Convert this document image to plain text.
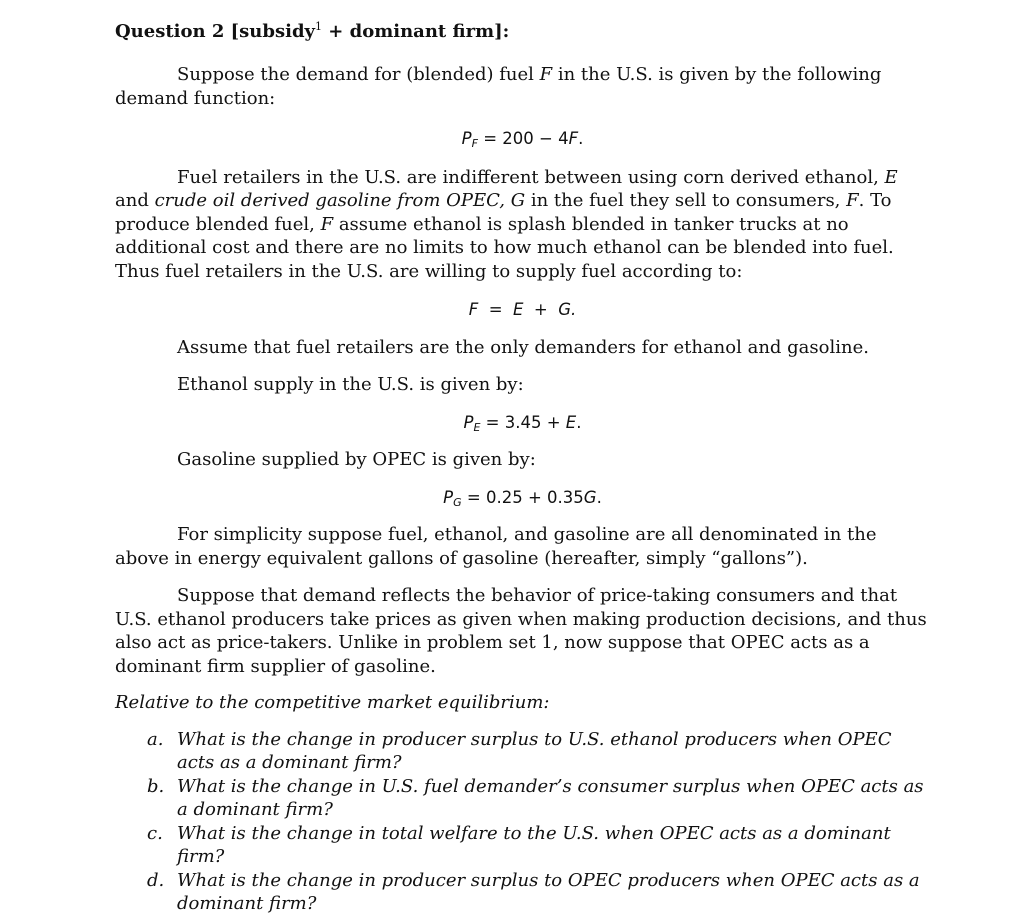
Question 2 [subsidy$^1$ + dominant firm]:

Suppose the demand for (blended) fuel F in the U.S. is given by the following demand function:

$P_F = 200 - 4F$.

Fuel retailers in the U.S. are indifferent between using corn derived ethanol, E and crude oil derived gasoline from OPEC, G in the fuel they sell to consumers, F. To produce blended fuel, F assume ethanol is splash blended in tanker trucks at no additional cost and there are no limits to how much ethanol can be blended into fuel. Thus fuel retailers in the U.S. are willing to supply fuel according to:

F  =  E  +  G.

Assume that fuel retailers are the only demanders for ethanol and gasoline.

Ethanol supply in the U.S. is given by:

$P_E = 3.45 + E$.

Gasoline supplied by OPEC is given by:

$P_G = 0.25 + 0.35G$.

For simplicity suppose fuel, ethanol, and gasoline are all denominated in the above in energy equivalent gallons of gasoline (hereafter, simply “gallons”).

Suppose that demand reflects the behavior of price-taking consumers and that U.S. ethanol producers take prices as given when making production decisions, and thus also act as price-takers. Unlike in problem set 1, now suppose that OPEC acts as a dominant firm supplier of gasoline.

Relative to the competitive market equilibrium:

a. What is the change in producer surplus to U.S. ethanol producers when OPEC acts as a dominant firm?
b. What is the change in U.S. fuel demander’s consumer surplus when OPEC acts as a dominant firm?
c. What is the change in total welfare to the U.S. when OPEC acts as a dominant firm?
d. What is the change in producer surplus to OPEC producers when OPEC acts as a dominant firm?
